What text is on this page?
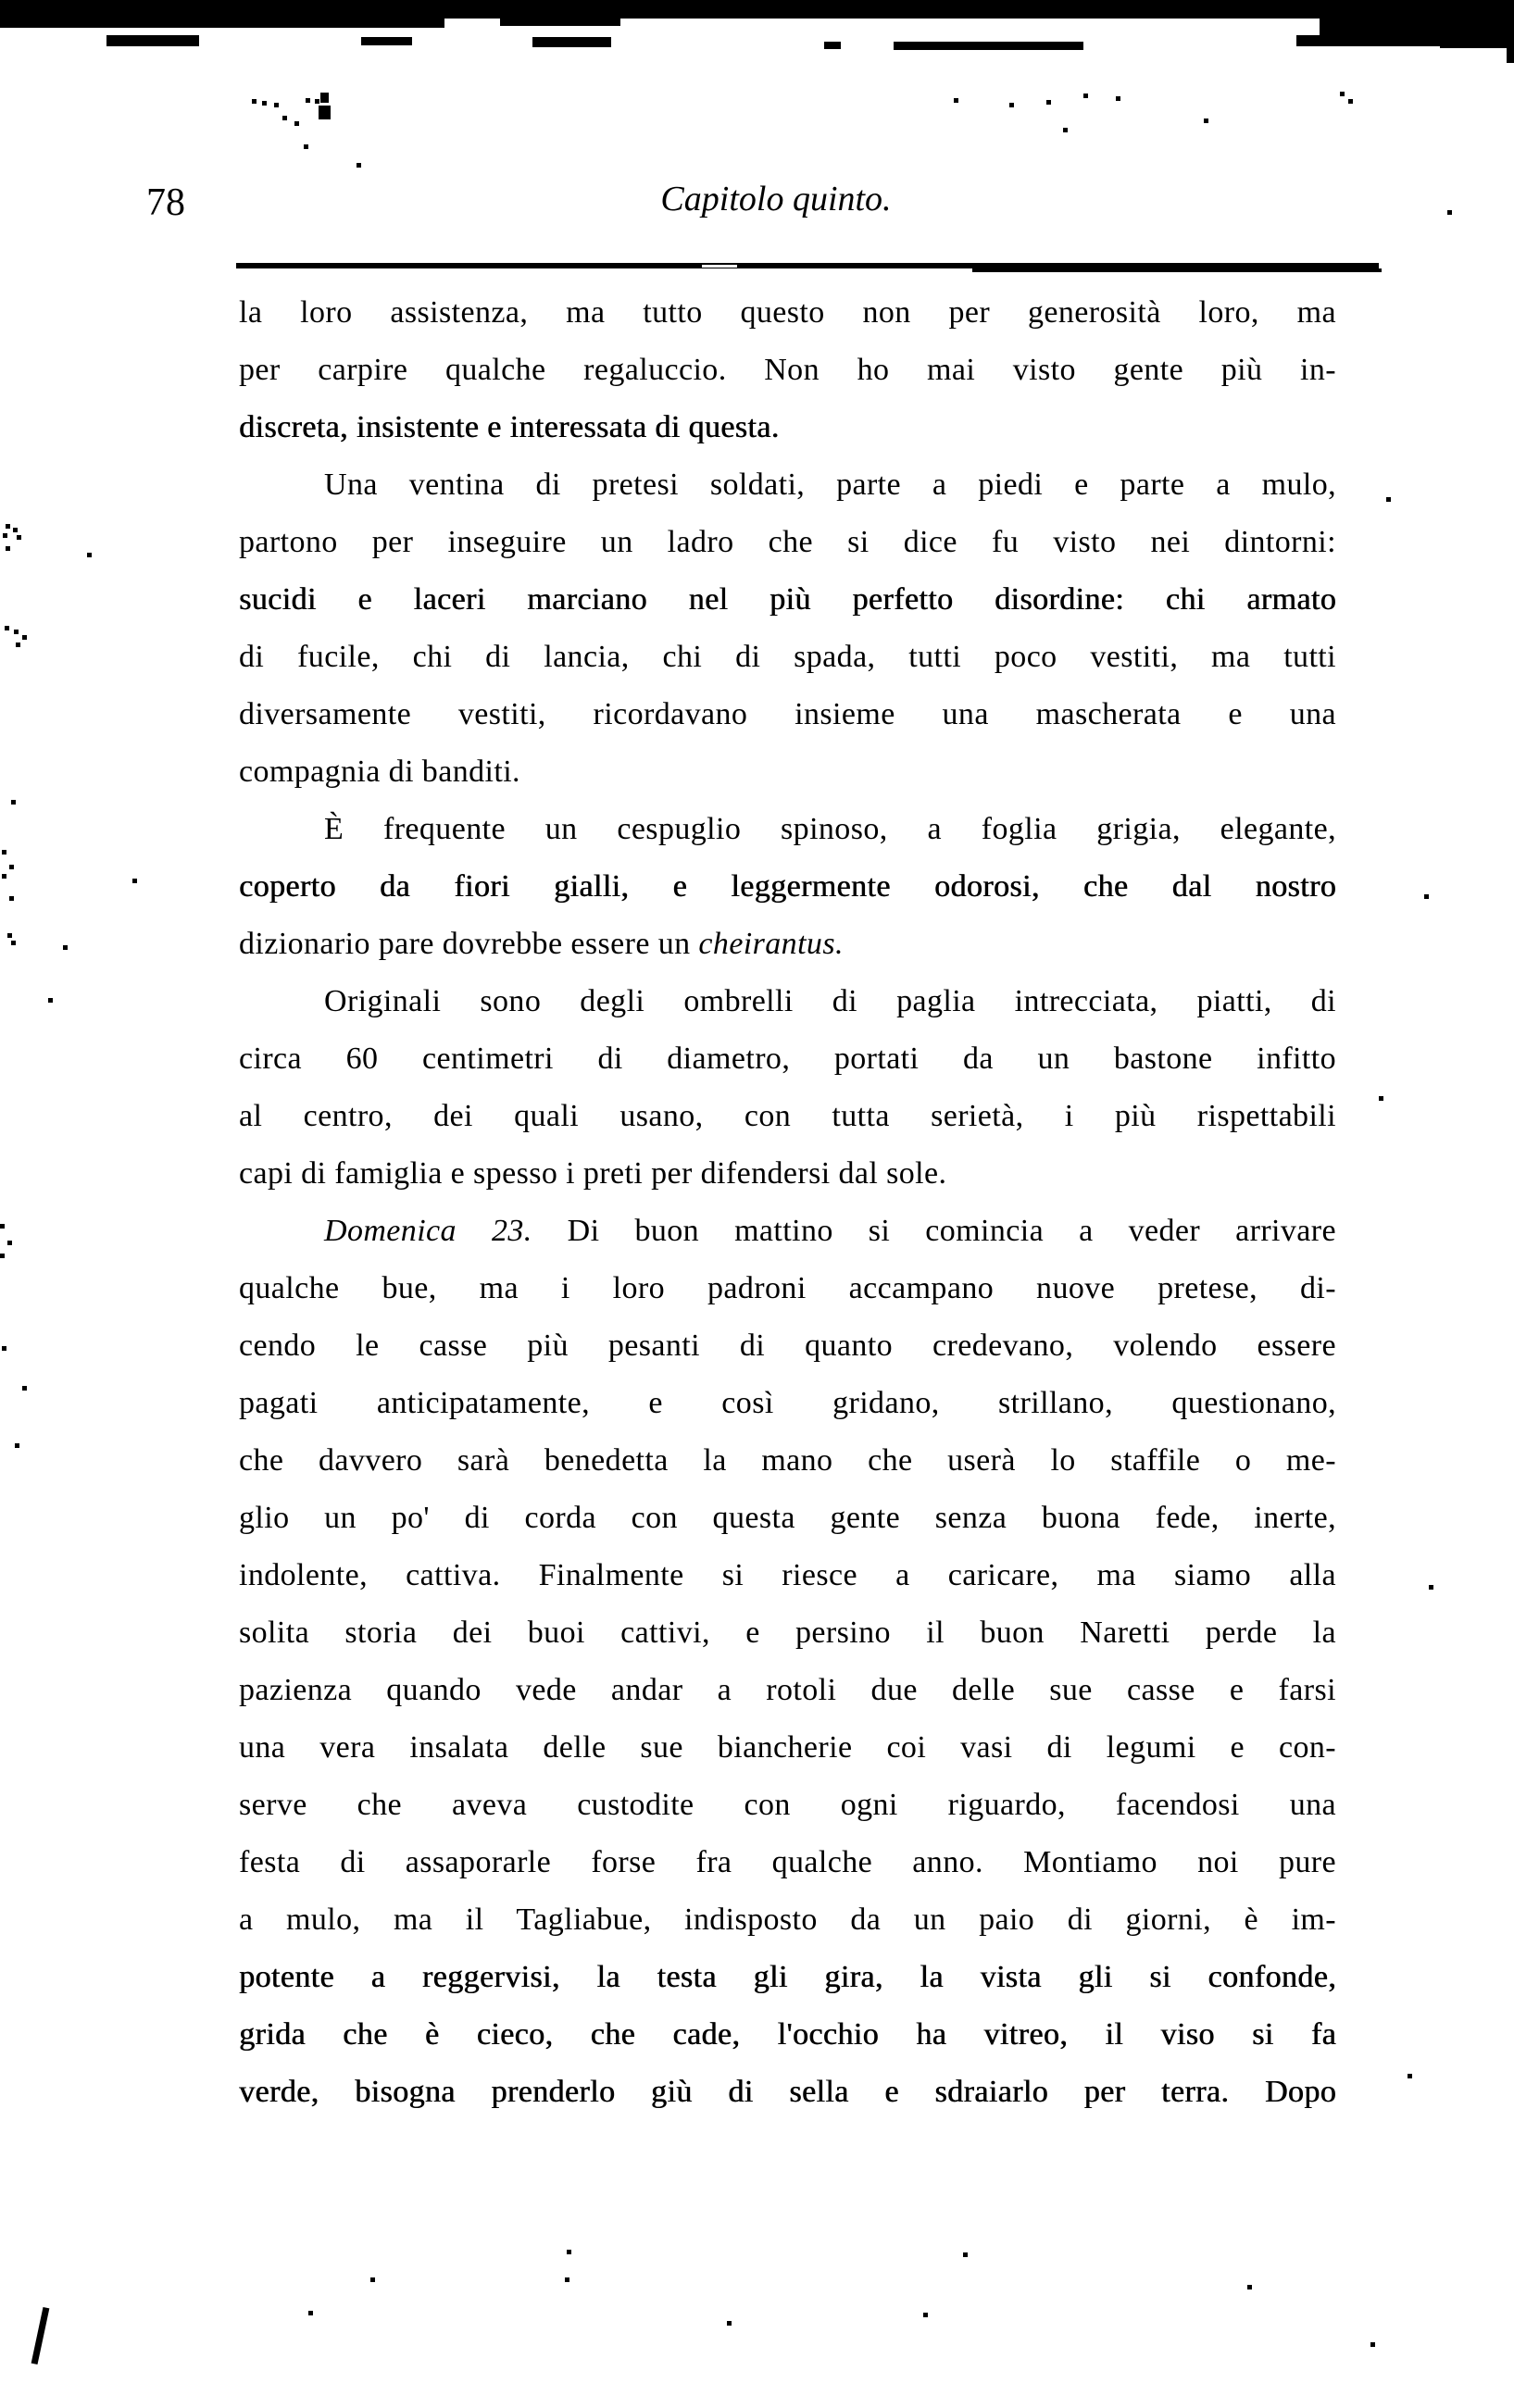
78	Capitolo quinto.
la loro assistenza, ma tutto questo non per generosità loro, ma
per carpire qualche regaluccio. Non ho mai visto gente più in-
discreta, insistente e interessata di questa.
Una ventina di pretesi soldati, parte a piedi e parte a mulo,
partono per inseguire un ladro che si dice fu visto nei dintorni:
sucidi e laceri marciano nel più perfetto disordine: chi armato
di fucile, chi di lancia, chi di spada, tutti poco vestiti, ma tutti
diversamente vestiti, ricordavano insieme una mascherata e una
compagnia di banditi.
È frequente un cespuglio spinoso, a foglia grigia, elegante,
coperto da fiori gialli, e leggermente odorosi, che dal nostro
dizionario pare dovrebbe essere un cheirantus.
Originali sono degli ombrelli di paglia intrecciata, piatti, di
circa 60 centimetri di diametro, portati da un bastone infitto
al centro, dei quali usano, con tutta serietà, i più rispettabili
capi di famiglia e spesso i preti per difendersi dal sole.
Domenica 23. Di buon mattino si comincia a veder arrivare
qualche bue, ma i loro padroni accampano nuove pretese, di-
cendo le casse più pesanti di quanto credevano, volendo essere
pagati anticipatamente, e così gridano, strillano, questionano,
che davvero sarà benedetta la mano che userà lo staffile o me-
glio un po' di corda con questa gente senza buona fede, inerte,
indolente, cattiva. Finalmente si riesce a caricare, ma siamo alla
solita storia dei buoi cattivi, e persino il buon Naretti perde la
pazienza quando vede andar a rotoli due delle sue casse e farsi
una vera insalata delle sue biancherie coi vasi di legumi e con-
serve che aveva custodite con ogni riguardo, facendosi una
festa di assaporarle forse fra qualche anno. Montiamo noi pure
a mulo, ma il Tagliabue, indisposto da un paio di giorni, è im-
potente a reggervisi, la testa gli gira, la vista gli si confonde,
grida che è cieco, che cade, l'occhio ha vitreo, il viso si fa
verde, bisogna prenderlo giù di sella e sdraiarlo per terra. Dopo
